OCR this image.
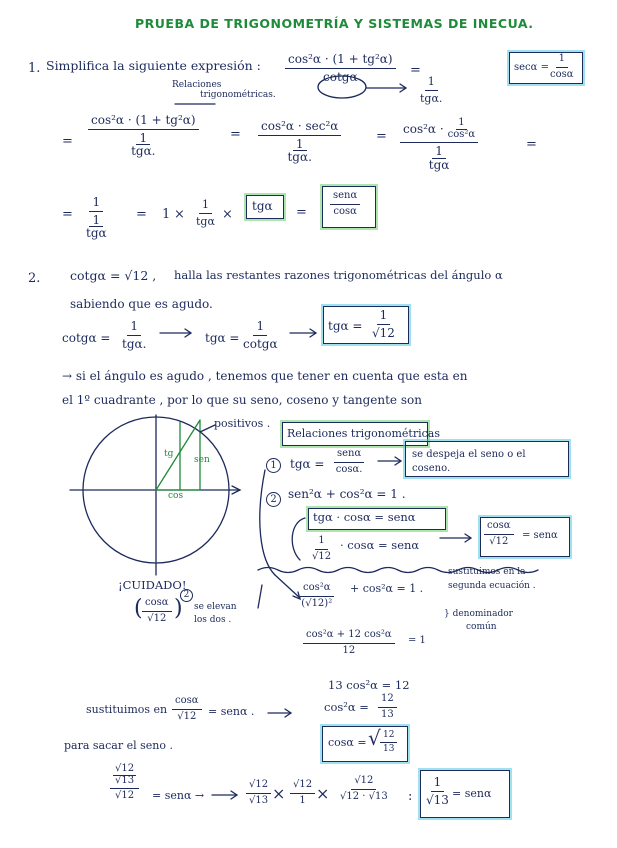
PRUEBA DE TRIGONOMETRÍA Y SISTEMAS DE INECUA.
1. Simplifica la siguiente expresión : $\frac{\text{cos²α · (1 + tg²α)}}{\cot g\alpha}$	1
tgα.
=	$\sec\alpha = \frac{1}{\cos\alpha}$
Relaciones
trigonométricas.
=
cos²α · (1 + tg²α)
1
tgα.
=
cos²α · sec²α
1
tgα.
=
$\cos^2\alpha \cdot \frac{1}{\text{cos²α}}$
1
tgα
=
=
1
1
tgα
= 1 ×
1
tgα ×
tgα =
senα
cosα
2. cotgα = √12 , halla las restantes razones trigonométricas del ángulo α
sabiendo que es agudo.
cotgα =
1
tgα.	$tg\alpha = \frac{1}{\cot g\alpha}$	$tg\alpha = \frac{1}{√12}$
→ si el ángulo es agudo , tenemos que tener en cuenta que esta en
el 1º cuadrante , por lo que su seno, coseno y tangente son
positivos .
tg
sen
cos
Relaciones trigonométricas
1	tgα =
senα
cosα.
se despeja el seno o el coseno.
2 sen²α + cos²α = 1 .
tgα · cosα = senα
$\frac{1}{√12} \cdot \cos\alpha = sen\alpha$	$\frac{\cos\alpha}{√12} = sen\alpha$
sustituimos en la
segunda ecuación .
¡CUIDADO!
( $\frac{\cos\alpha}{√12}$ )
2
se elevan
los dos .
$\frac{\text{cos²α}}{\text{(√12)²}} + \cos^2\alpha = 1$ .
} denominador
común
$\frac{\text{cos²α + 12 cos²α}}{12} = 1$
13 cos²α = 12
$\cos^2\alpha = \frac{12}{13}$
sustituimos en $\frac{\cos\alpha}{√12} = sen\alpha$ .
cosα = √ $\frac{12}{13}$
para sacar el seno .
$\frac{\frac{√12}{√13}}{√12} = sen\alpha$ →	$\frac{√12}{√13} \times \frac{√12}{1} \times \frac{√12}{√12 \cdot √13}$ : $\frac{1}{√13} = sen\alpha$
